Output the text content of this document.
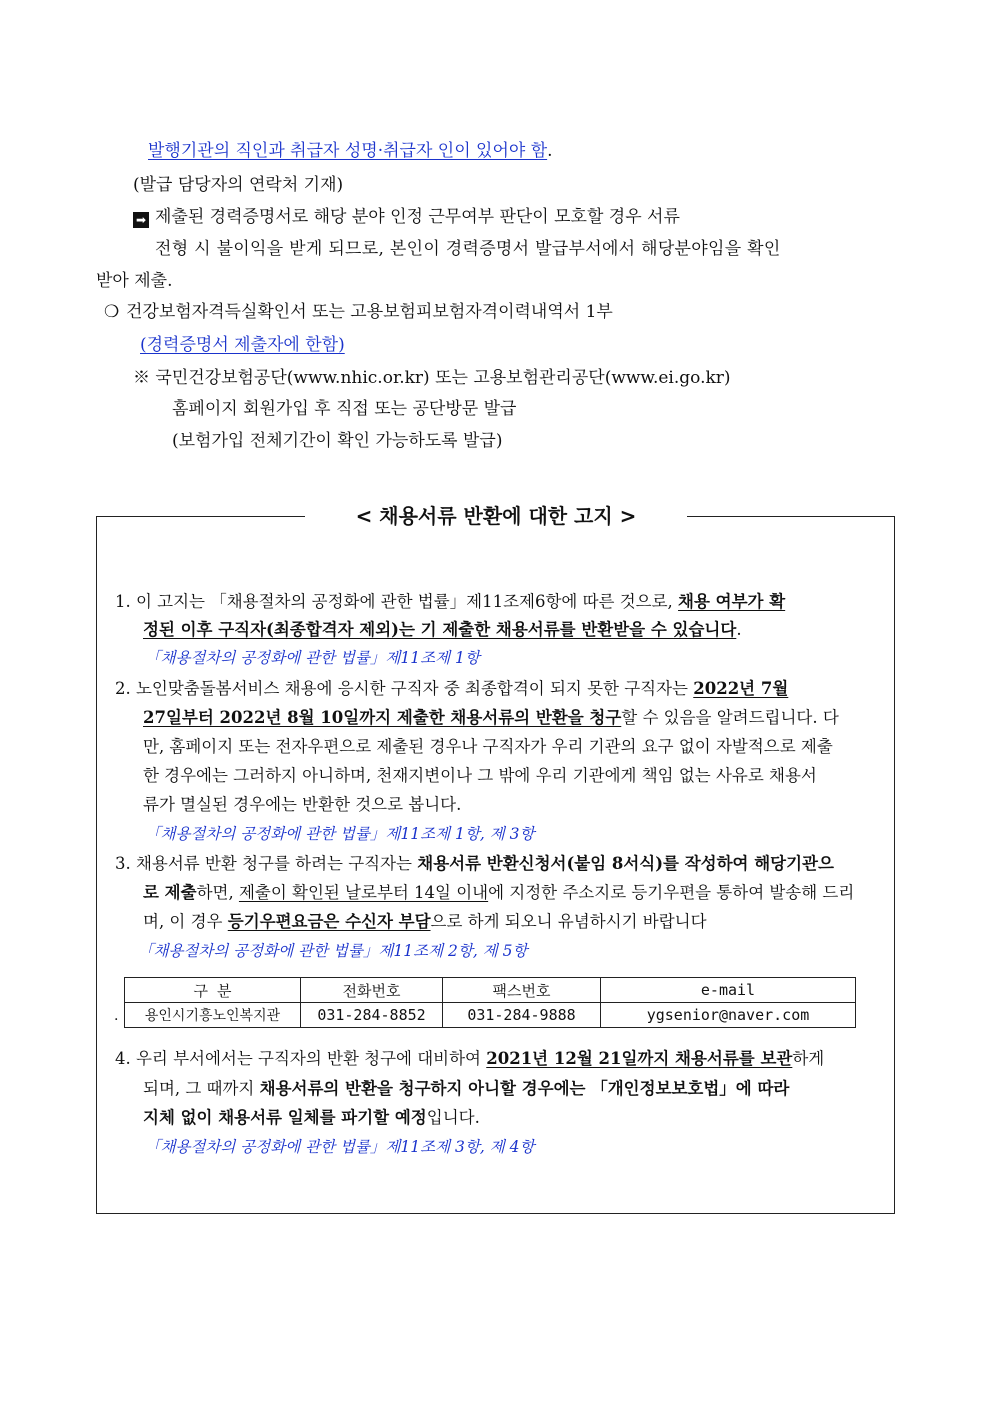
발행기관의 직인과 취급자 성명·취급자 인이 있어야 함.
(발급 담당자의 연락처 기재)
➡ 제출된 경력증명서로 해당 분야 인정 근무여부 판단이 모호할 경우 서류
전형 시 불이익을 받게 되므로, 본인이 경력증명서 발급부서에서 해당분야임을 확인
받아 제출.
❍ 건강보험자격득실확인서 또는 고용보험피보험자격이력내역서 1부
(경력증명서 제출자에 한함)
※ 국민건강보험공단(www.nhic.or.kr) 또는 고용보험관리공단(www.ei.go.kr)
홈페이지 회원가입 후 직접 또는 공단방문 발급
(보험가입 전체기간이 확인 가능하도록 발급)
< 채용서류 반환에 대한 고지 >
1. 이 고지는 「채용절차의 공정화에 관한 법률」제11조제6항에 따른 것으로, 채용 여부가 확
정된 이후 구직자(최종합격자 제외)는 기 제출한 채용서류를 반환받을 수 있습니다.
「채용절차의 공정화에 관한 법률」제11조제 1항
2. 노인맞춤돌봄서비스 채용에 응시한 구직자 중 최종합격이 되지 못한 구직자는 2022년 7월
27일부터 2022년 8월 10일까지 제출한 채용서류의 반환을 청구할 수 있음을 알려드립니다. 다
만, 홈페이지 또는 전자우편으로 제출된 경우나 구직자가 우리 기관의 요구 없이 자발적으로 제출
한 경우에는 그러하지 아니하며, 천재지변이나 그 밖에 우리 기관에게 책임 없는 사유로 채용서
류가 멸실된 경우에는 반환한 것으로 봅니다.
「채용절차의 공정화에 관한 법률」제11조제 1항, 제 3항
3. 채용서류 반환 청구를 하려는 구직자는 채용서류 반환신청서(붙임 8서식)를 작성하여 해당기관으
로 제출하면, 제출이 확인된 날로부터 14일 이내에 지정한 주소지로 등기우편을 통하여 발송해 드리
며, 이 경우 등기우편요금은 수신자 부담으로 하게 되오니 유념하시기 바랍니다
「채용절차의 공정화에 관한 법률」제11조제 2항, 제 5항
.
구 분	전화번호	팩스번호	e-mail
용인시기흥노인복지관	031-284-8852	031-284-9888	ygsenior@naver.com
4. 우리 부서에서는 구직자의 반환 청구에 대비하여 2021년 12월 21일까지 채용서류를 보관하게
되며, 그 때까지 채용서류의 반환을 청구하지 아니할 경우에는 「개인정보보호법」에 따라
지체 없이 채용서류 일체를 파기할 예정입니다.
「채용절차의 공정화에 관한 법률」제11조제 3항, 제 4항
